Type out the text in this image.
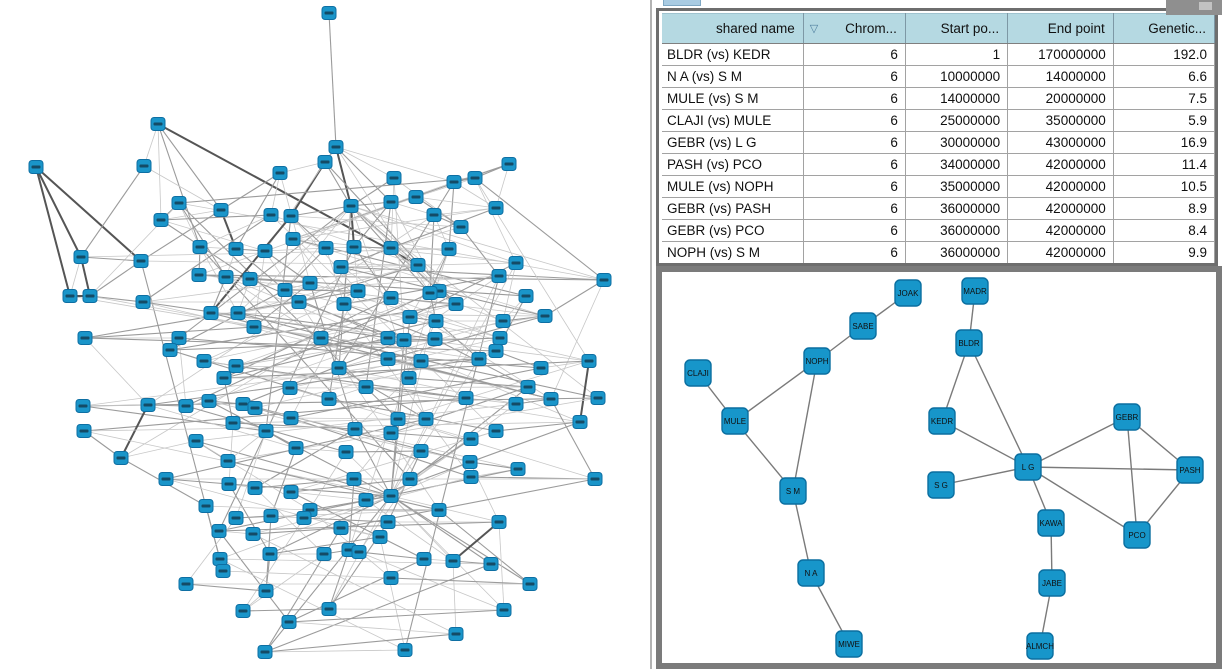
shared name	▽ Chrom...	Start po...	End point	Genetic...
BLDR (vs) KEDR	6	1	170000000	192.0
N A (vs) S M	6	10000000	14000000	6.6
MULE (vs) S M	6	14000000	20000000	7.5
CLAJI (vs) MULE	6	25000000	35000000	5.9
GEBR (vs) L G	6	30000000	43000000	16.9
PASH (vs) PCO	6	34000000	42000000	11.4
MULE (vs) NOPH	6	35000000	42000000	10.5
GEBR (vs) PASH	6	36000000	42000000	8.9
GEBR (vs) PCO	6	36000000	42000000	8.4
NOPH (vs) S M	6	36000000	42000000	9.9
JOAK	MADR
SABE
BLDR
NOPH
CLAJI
MULE	KEDR	GEBR
L G
S G
PASH
S M
KAWA
PCO
N A
JABE
MIWE	ALMCH
